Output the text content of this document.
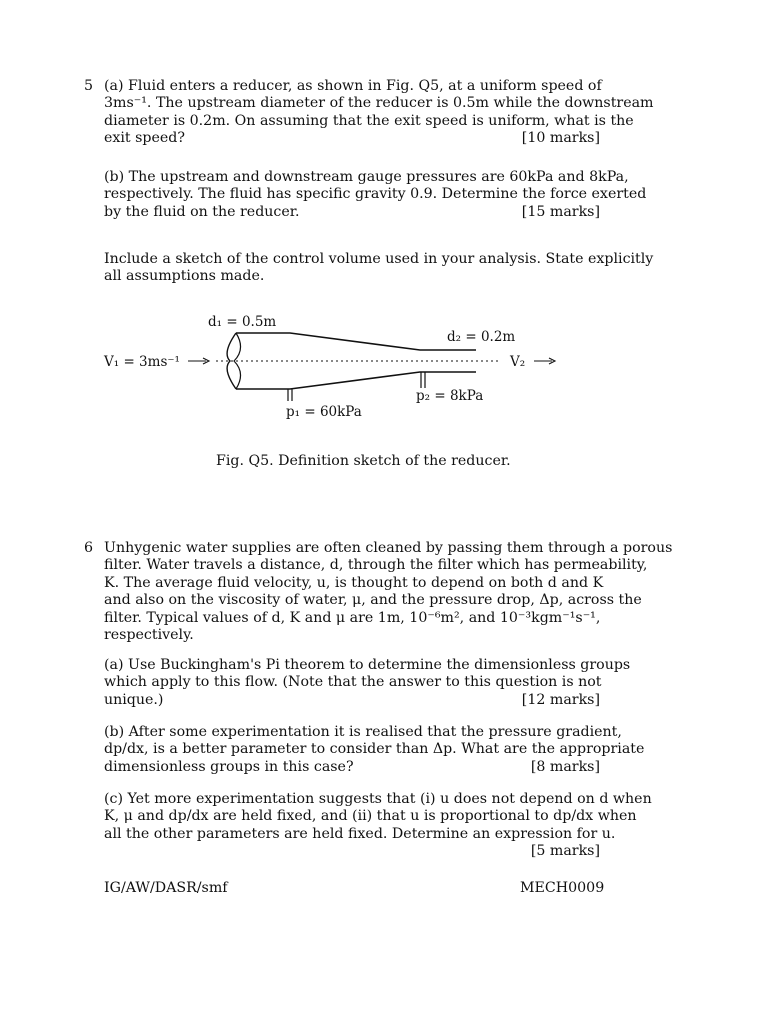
5 (a) Fluid enters a reducer, as shown in Fig. Q5, at a uniform speed of
3ms⁻¹. The upstream diameter of the reducer is 0.5m while the downstream
diameter is 0.2m. On assuming that the exit speed is uniform, what is the
exit speed?	[10 marks]
(b) The upstream and downstream gauge pressures are 60kPa and 8kPa,
respectively. The fluid has specific gravity 0.9. Determine the force exerted
by the fluid on the reducer.	[15 marks]
Include a sketch of the control volume used in your analysis. State explicitly
all assumptions made.
d₁ = 0.5m
d₂ = 0.2m
V₁ = 3ms⁻¹	V₂
p₁ = 60kPa
p₂ = 8kPa
Fig. Q5. Definition sketch of the reducer.
6 Unhygenic water supplies are often cleaned by passing them through a porous
filter. Water travels a distance, d, through the filter which has permeability,
K. The average fluid velocity, u, is thought to depend on both d and K
and also on the viscosity of water, μ, and the pressure drop, Δp, across the
filter. Typical values of d, K and μ are 1m, 10⁻⁶m², and 10⁻³kgm⁻¹s⁻¹,
respectively.
(a) Use Buckingham's Pi theorem to determine the dimensionless groups
which apply to this flow. (Note that the answer to this question is not
unique.)	[12 marks]
(b) After some experimentation it is realised that the pressure gradient,
dp/dx, is a better parameter to consider than Δp. What are the appropriate
dimensionless groups in this case?	[8 marks]
(c) Yet more experimentation suggests that (i) u does not depend on d when
K, μ and dp/dx are held fixed, and (ii) that u is proportional to dp/dx when
all the other parameters are held fixed. Determine an expression for u.
[5 marks]
IG/AW/DASR/smf	MECH0009
